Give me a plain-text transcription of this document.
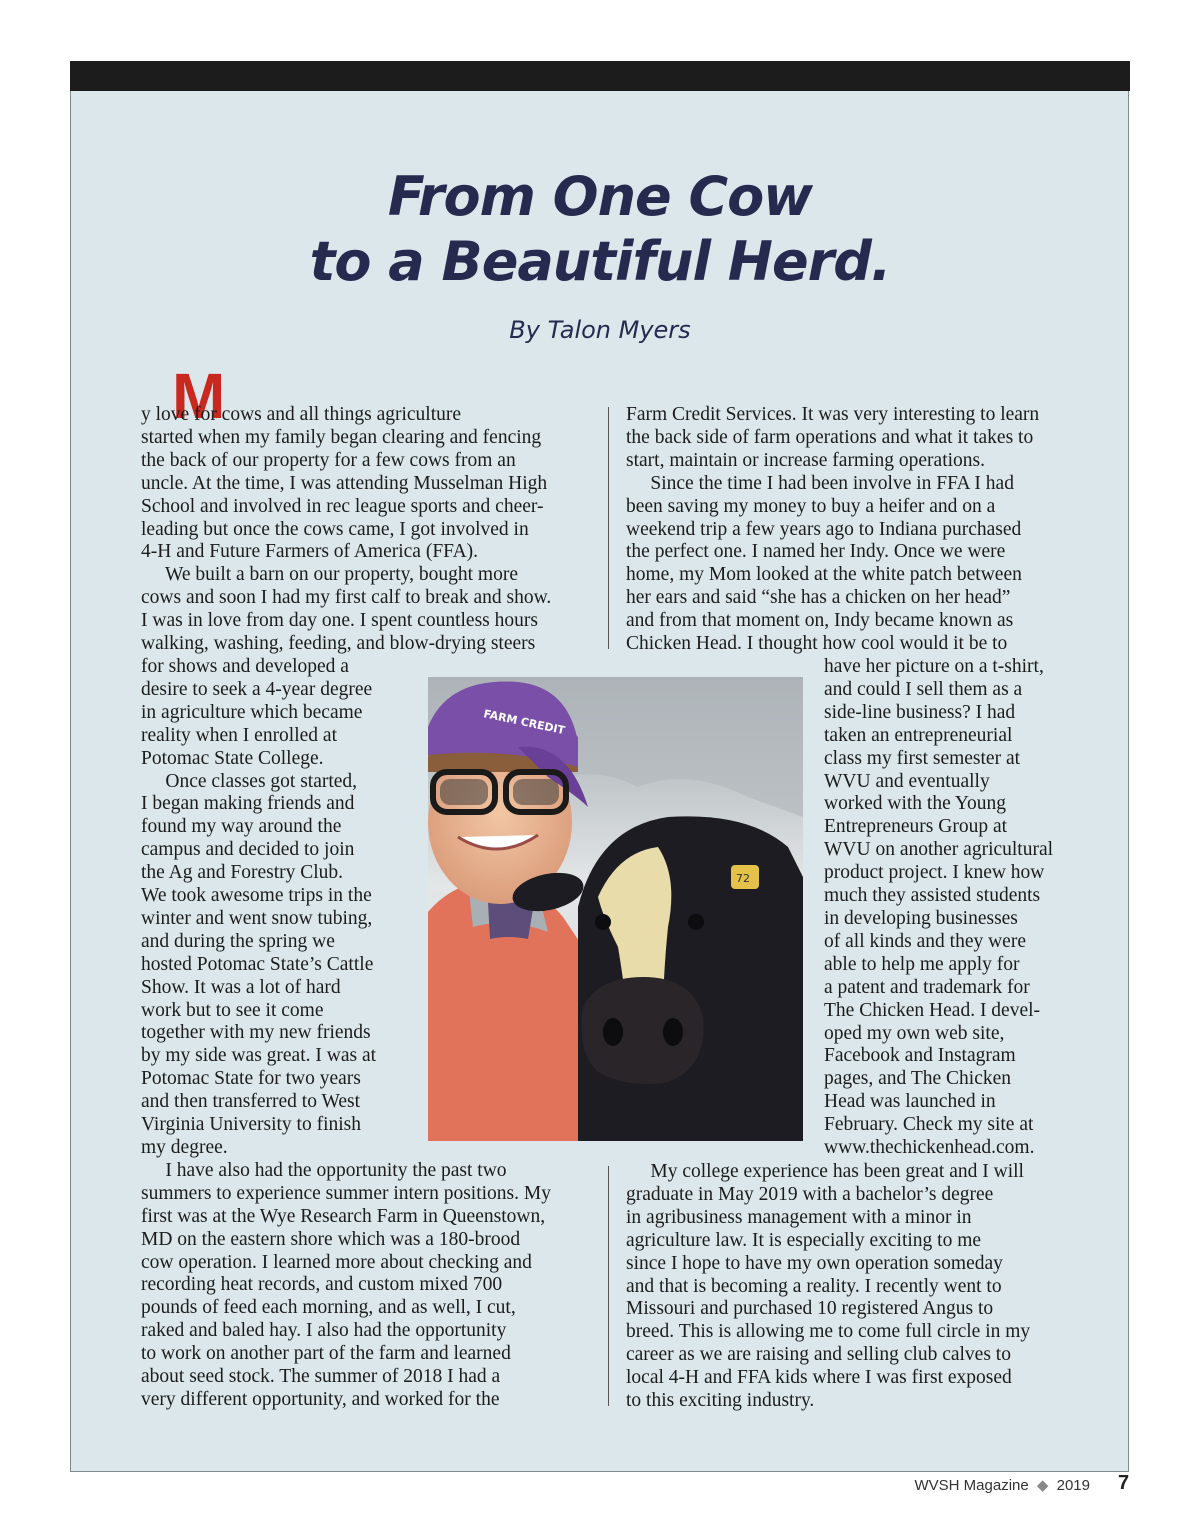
From One Cow
to a Beautiful Herd.
By Talon Myers
M

y love for cows and all things agriculture
started when my family began clearing and fencing
the back of our property for a few cows from an
uncle. At the time, I was attending Musselman High
School and involved in rec league sports and cheer-
leading but once the cows came, I got involved in
4-H and Future Farmers of America (FFA).
We built a barn on our property, bought more
cows and soon I had my first calf to break and show.
I was in love from day one. I spent countless hours
walking, washing, feeding, and blow-drying steers
for shows and developed a
desire to seek a 4-year degree
in agriculture which became
reality when I enrolled at
Potomac State College.
Once classes got started,
I began making friends and
found my way around the
campus and decided to join
the Ag and Forestry Club.
We took awesome trips in the
winter and went snow tubing,
and during the spring we
hosted Potomac State’s Cattle
Show. It was a lot of hard
work but to see it come
together with my new friends
by my side was great. I was at
Potomac State for two years
and then transferred to West
Virginia University to finish
my degree.
I have also had the opportunity the past two
summers to experience summer intern positions. My
first was at the Wye Research Farm in Queenstown,
MD on the eastern shore which was a 180-brood
cow operation. I learned more about checking and
recording heat records, and custom mixed 700
pounds of feed each morning, and as well, I cut,
raked and baled hay. I also had the opportunity
to work on another part of the farm and learned
about seed stock. The summer of 2018 I had a
very different opportunity, and worked for the

Farm Credit Services. It was very interesting to learn
the back side of farm operations and what it takes to
start, maintain or increase farming operations.
Since the time I had been involve in FFA I had
been saving my money to buy a heifer and on a
weekend trip a few years ago to Indiana purchased
the perfect one. I named her Indy. Once we were
home, my Mom looked at the white patch between
her ears and said “she has a chicken on her head”
and from that moment on, Indy became known as
Chicken Head. I thought how cool would it be to

have her picture on a t-shirt,
and could I sell them as a
side-line business? I had
taken an entrepreneurial
class my first semester at
WVU and eventually
worked with the Young
Entrepreneurs Group at
WVU on another agricultural
product project. I knew how
much they assisted students
in developing businesses
of all kinds and they were
able to help me apply for
a patent and trademark for
The Chicken Head. I devel-
oped my own web site,
Facebook and Instagram
pages, and The Chicken
Head was launched in
February. Check my site at
www.thechickenhead.com.

My college experience has been great and I will
graduate in May 2019 with a bachelor’s degree
in agribusiness management with a minor in
agriculture law. It is especially exciting to me
since I hope to have my own operation someday
and that is becoming a reality. I recently went to
Missouri and purchased 10 registered Angus to
breed. This is allowing me to come full circle in my
career as we are raising and selling club calves to
local 4-H and FFA kids where I was first exposed
to this exciting industry.

FARM CREDIT
72
WVSH Magazine ◆ 2019 7
